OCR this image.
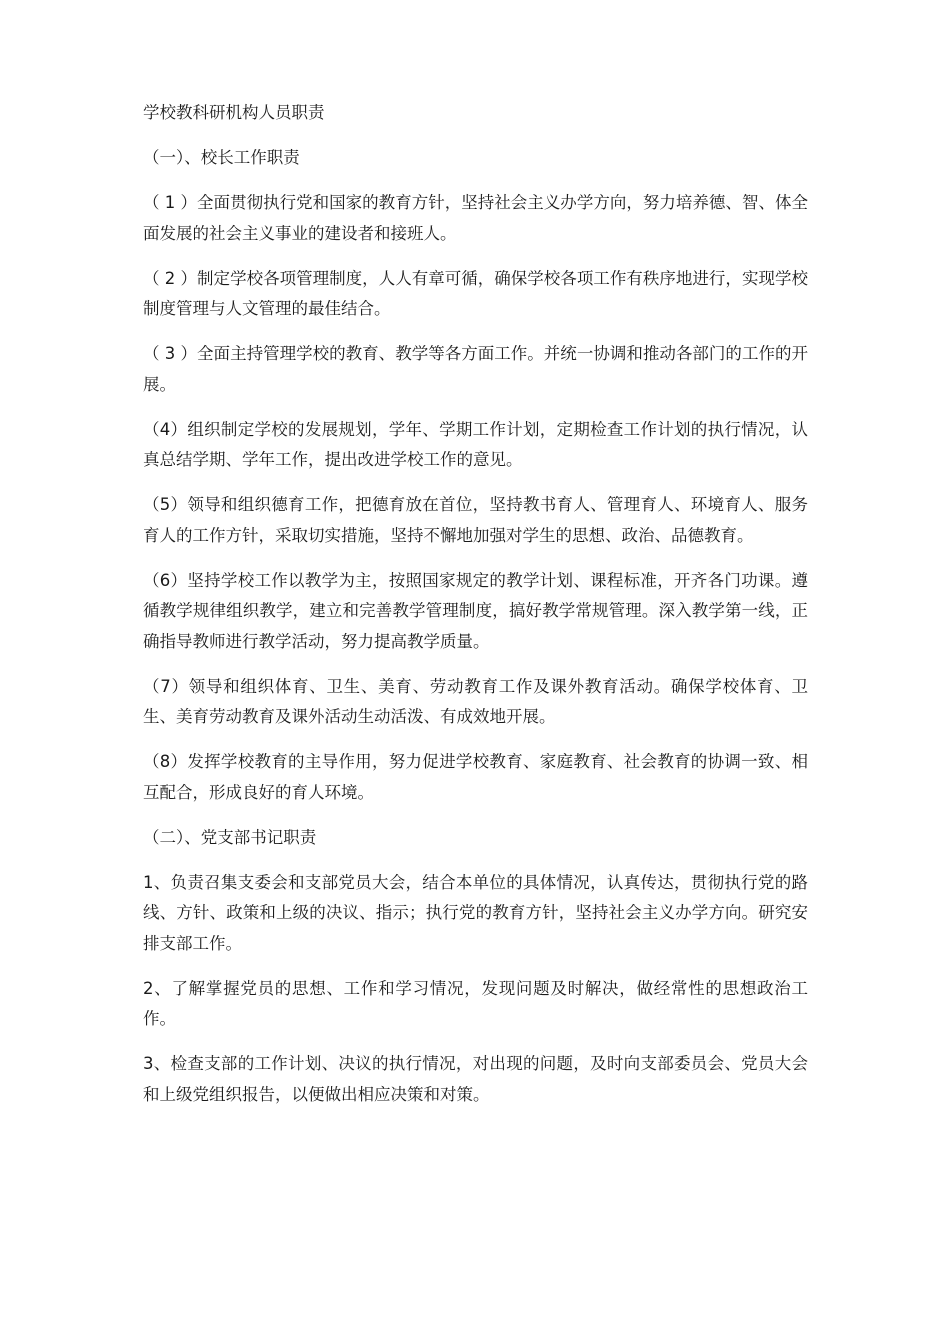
学校教科研机构人员职责

（一）、校长工作职责

（ 1 ）全面贯彻执行党和国家的教育方针，坚持社会主义办学方向，努力培养德、智、体全面发展的社会主义事业的建设者和接班人。

（ 2 ）制定学校各项管理制度，人人有章可循，确保学校各项工作有秩序地进行，实现学校制度管理与人文管理的最佳结合。

（ 3 ）全面主持管理学校的教育、教学等各方面工作。并统一协调和推动各部门的工作的开展。

（4）组织制定学校的发展规划，学年、学期工作计划，定期检查工作计划的执行情况，认真总结学期、学年工作，提出改进学校工作的意见。

（5）领导和组织德育工作，把德育放在首位，坚持教书育人、管理育人、环境育人、服务育人的工作方针，采取切实措施，坚持不懈地加强对学生的思想、政治、品德教育。

（6）坚持学校工作以教学为主，按照国家规定的教学计划、课程标准，开齐各门功课。遵循教学规律组织教学，建立和完善教学管理制度，搞好教学常规管理。深入教学第一线，正确指导教师进行教学活动，努力提高教学质量。

（7）领导和组织体育、卫生、美育、劳动教育工作及课外教育活动。确保学校体育、卫生、美育劳动教育及课外活动生动活泼、有成效地开展。

（8）发挥学校教育的主导作用，努力促进学校教育、家庭教育、社会教育的协调一致、相互配合，形成良好的育人环境。

（二）、党支部书记职责

1、负责召集支委会和支部党员大会，结合本单位的具体情况，认真传达，贯彻执行党的路线、方针、政策和上级的决议、指示；执行党的教育方针，坚持社会主义办学方向。研究安排支部工作。

2、了解掌握党员的思想、工作和学习情况，发现问题及时解决，做经常性的思想政治工作。

3、检查支部的工作计划、决议的执行情况，对出现的问题，及时向支部委员会、党员大会和上级党组织报告，以便做出相应决策和对策。
